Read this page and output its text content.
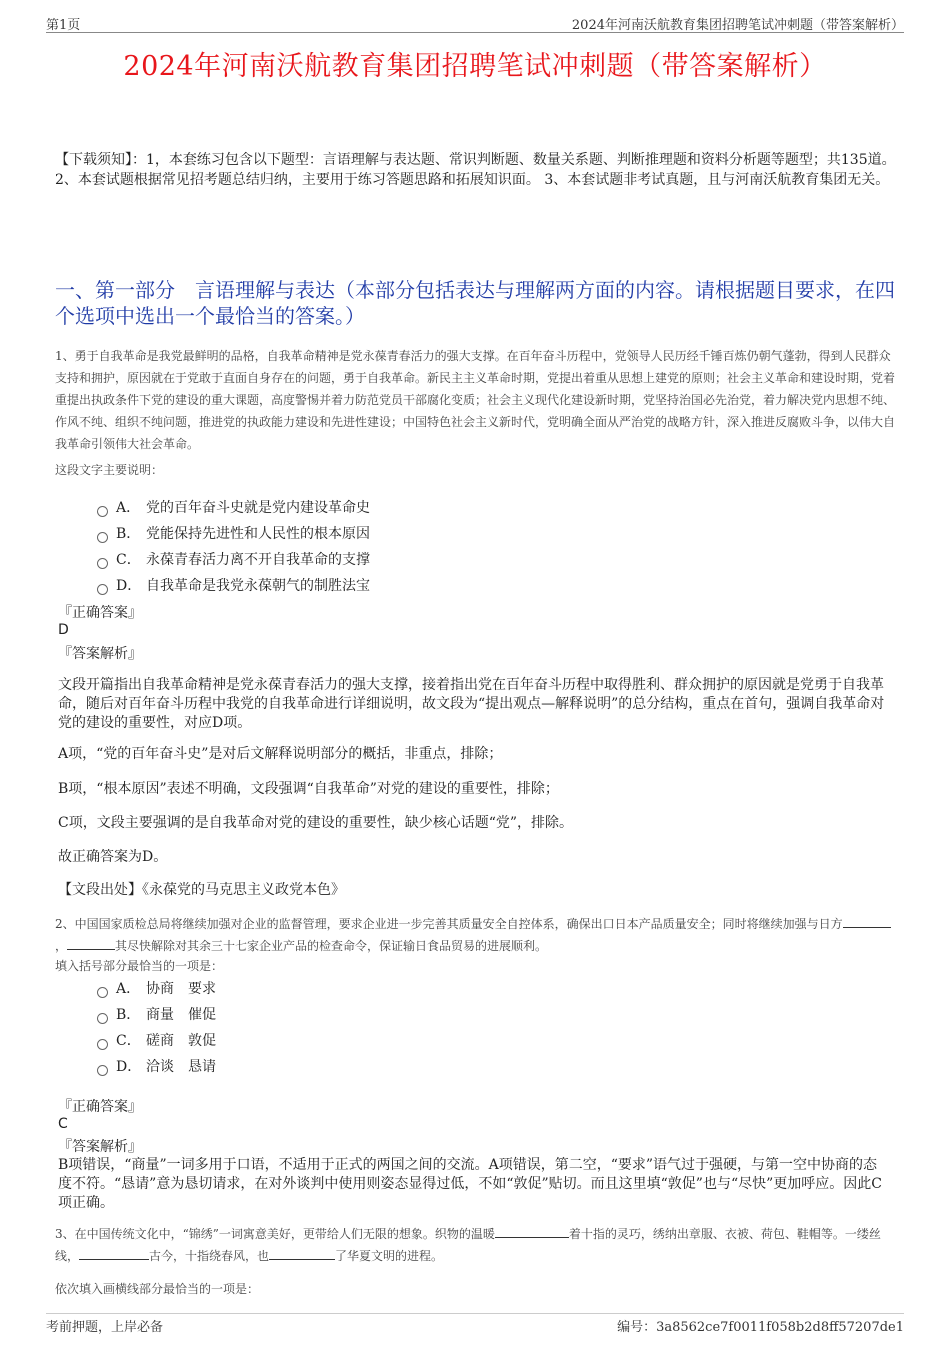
第1页	2024年河南沃航教育集团招聘笔试冲刺题（带答案解析）
2024年河南沃航教育集团招聘笔试冲刺题（带答案解析）
【下载须知】：1，本套练习包含以下题型：言语理解与表达题、常识判断题、数量关系题、判断推理题和资料分析题等题型；共135道。 2、本套试题根据常见招考题总结归纳，主要用于练习答题思路和拓展知识面。 3、本套试题非考试真题，且与河南沃航教育集团无关。
一、第一部分　言语理解与表达（本部分包括表达与理解两方面的内容。请根据题目要求，在四个选项中选出一个最恰当的答案。）
1、勇于自我革命是我党最鲜明的品格，自我革命精神是党永葆青春活力的强大支撑。在百年奋斗历程中，党领导人民历经千锤百炼仍朝气蓬勃，得到人民群众支持和拥护，原因就在于党敢于直面自身存在的问题，勇于自我革命。新民主主义革命时期，党提出着重从思想上建党的原则；社会主义革命和建设时期，党着重提出执政条件下党的建设的重大课题，高度警惕并着力防范党员干部腐化变质；社会主义现代化建设新时期，党坚持治国必先治党，着力解决党内思想不纯、作风不纯、组织不纯问题，推进党的执政能力建设和先进性建设；中国特色社会主义新时代，党明确全面从严治党的战略方针，深入推进反腐败斗争，以伟大自我革命引领伟大社会革命。
这段文字主要说明：
A． 党的百年奋斗史就是党内建设革命史
B． 党能保持先进性和人民性的根本原因
C． 永葆青春活力离不开自我革命的支撑
D． 自我革命是我党永葆朝气的制胜法宝
『正确答案』
D
『答案解析』
文段开篇指出自我革命精神是党永葆青春活力的强大支撑，接着指出党在百年奋斗历程中取得胜利、群众拥护的原因就是党勇于自我革命，随后对百年奋斗历程中我党的自我革命进行详细说明，故文段为“提出观点—解释说明”的总分结构，重点在首句，强调自我革命对党的建设的重要性，对应D项。
A项，“党的百年奋斗史”是对后文解释说明部分的概括，非重点，排除；
B项，“根本原因”表述不明确，文段强调“自我革命”对党的建设的重要性，排除；
C项，文段主要强调的是自我革命对党的建设的重要性，缺少核心话题“党”，排除。
故正确答案为D。
【文段出处】《永葆党的马克思主义政党本色》
2、中国国家质检总局将继续加强对企业的监督管理，要求企业进一步完善其质量安全自控体系，确保出口日本产品质量安全；同时将继续加强与日方，	其尽快解除对其余三十七家企业产品的检查命令，保证输日食品贸易的进展顺利。
填入括号部分最恰当的一项是：
A． 协商　要求
B． 商量　催促
C． 磋商　敦促
D． 洽谈　恳请
『正确答案』
C
『答案解析』
B项错误，“商量”一词多用于口语，不适用于正式的两国之间的交流。A项错误，第二空，“要求”语气过于强硬，与第一空中协商的态度不符。“恳请”意为恳切请求，在对外谈判中使用则姿态显得过低，不如“敦促”贴切。而且这里填“敦促”也与“尽快”更加呼应。因此C项正确。
3、在中国传统文化中，“锦绣”一词寓意美好，更带给人们无限的想象。织物的温暖	着十指的灵巧，绣纳出章服、衣被、荷包、鞋帽等。一缕丝线，	古今，十指绕春风，也	了华夏文明的进程。
依次填入画横线部分最恰当的一项是：
考前押题，上岸必备	编号：3a8562ce7f0011f058b2d8ff57207de1
